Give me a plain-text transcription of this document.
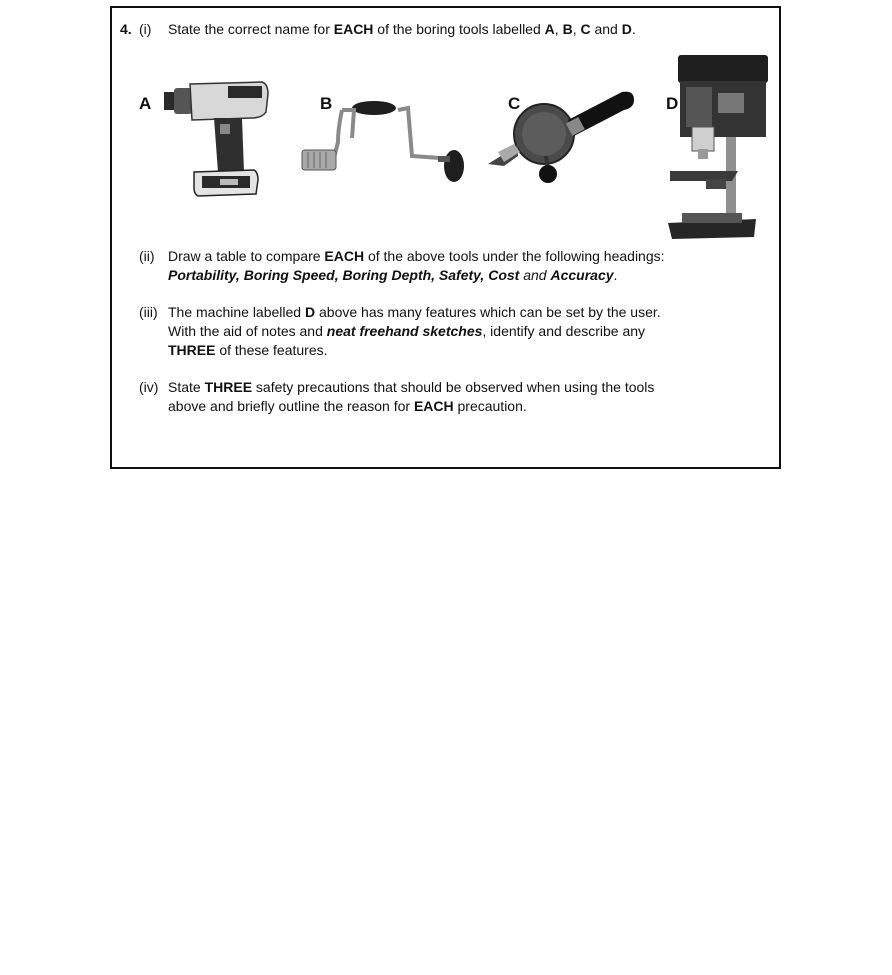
4. (i) State the correct name for EACH of the boring tools labelled A, B, C and D.
A	B	C	D
(ii) Draw a table to compare EACH of the above tools under the following headings:
Portability, Boring Speed, Boring Depth, Safety, Cost and Accuracy.
(iii) The machine labelled D above has many features which can be set by the user.
With the aid of notes and neat freehand sketches, identify and describe any
THREE of these features.
(iv) State THREE safety precautions that should be observed when using the tools
above and briefly outline the reason for EACH precaution.
